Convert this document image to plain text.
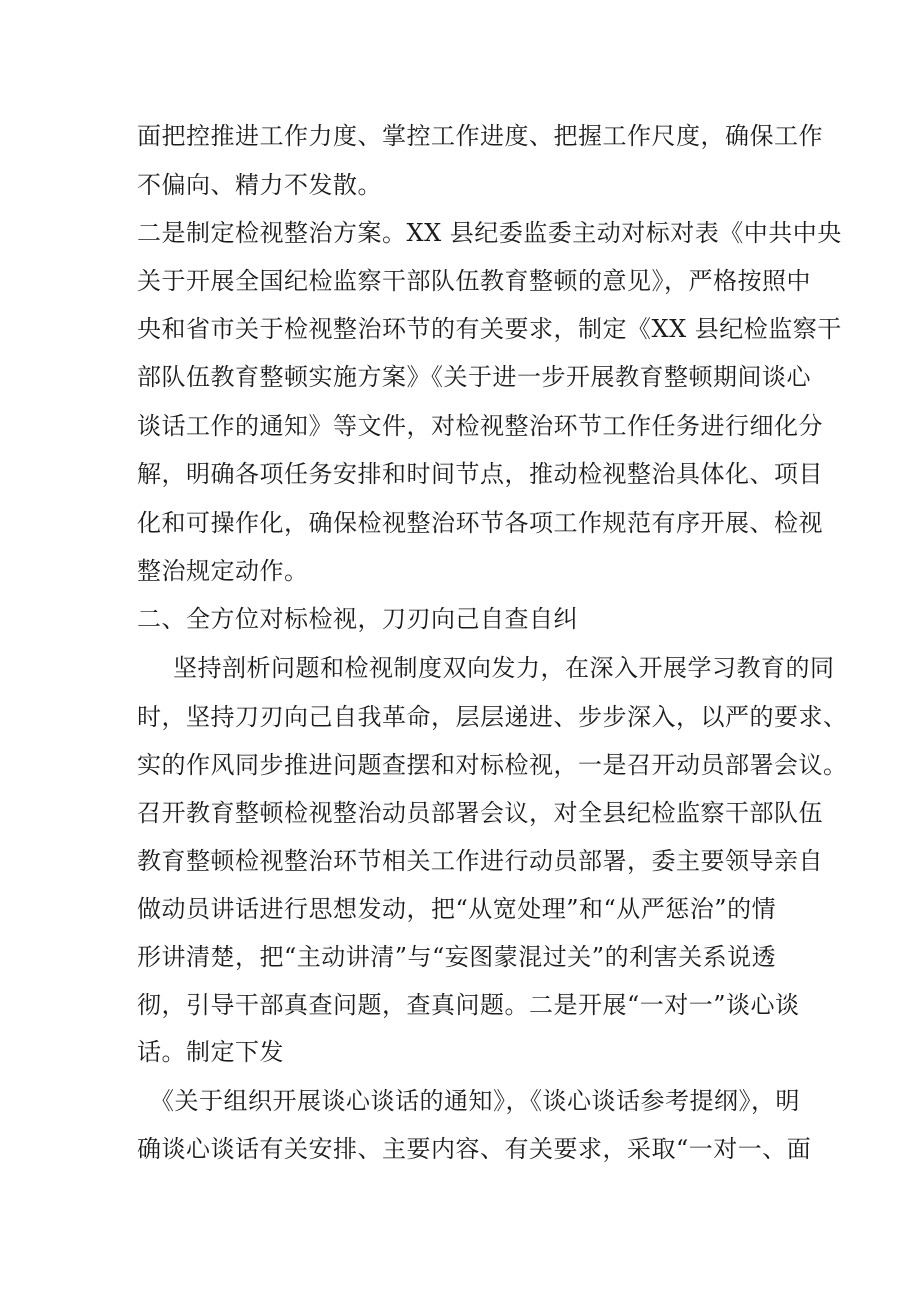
面把控推进工作力度、掌控工作进度、把握工作尺度，确保工作

不偏向、精力不发散。

二是制定检视整治方案。XX 县纪委监委主动对标对表《中共中央

关于开展全国纪检监察干部队伍教育整顿的意见》，严格按照中

央和省市关于检视整治环节的有关要求，制定《XX 县纪检监察干

部队伍教育整顿实施方案》《关于进一步开展教育整顿期间谈心

谈话工作的通知》等文件，对检视整治环节工作任务进行细化分

解，明确各项任务安排和时间节点，推动检视整治具体化、项目

化和可操作化，确保检视整治环节各项工作规范有序开展、检视

整治规定动作。

二、全方位对标检视，刀刃向己自查自纠

坚持剖析问题和检视制度双向发力，在深入开展学习教育的同

时，坚持刀刃向己自我革命，层层递进、步步深入，以严的要求、

实的作风同步推进问题查摆和对标检视，一是召开动员部署会议。

召开教育整顿检视整治动员部署会议，对全县纪检监察干部队伍

教育整顿检视整治环节相关工作进行动员部署，委主要领导亲自

做动员讲话进行思想发动，把“从宽处理”和“从严惩治”的情

形讲清楚，把“主动讲清”与“妄图蒙混过关”的利害关系说透

彻，引导干部真查问题，查真问题。二是开展“一对一”谈心谈

话。制定下发

《关于组织开展谈心谈话的通知》，《谈心谈话参考提纲》，明

确谈心谈话有关安排、主要内容、有关要求，采取“一对一、面
